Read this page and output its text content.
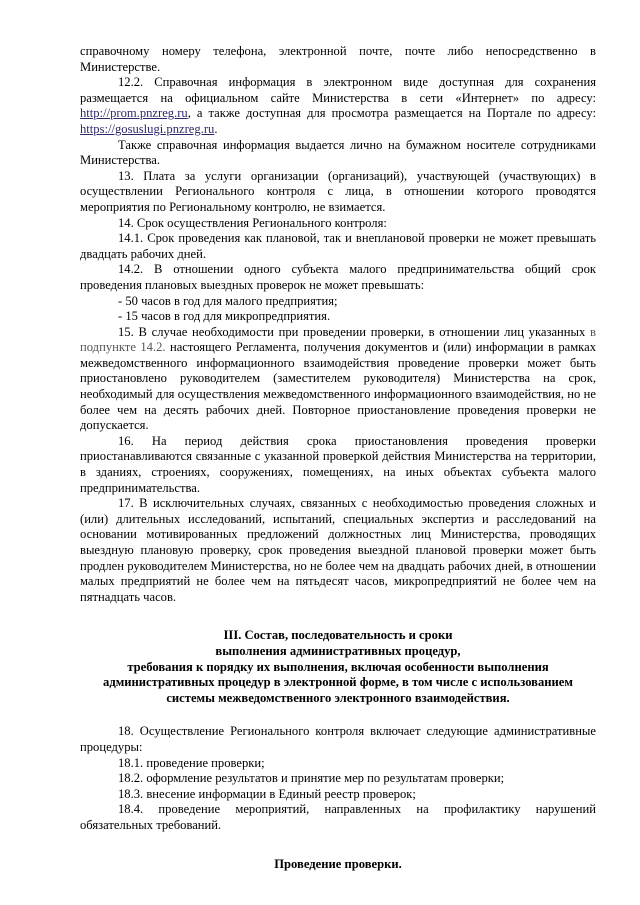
справочному номеру телефона, электронной почте, почте либо непосредственно в Министерстве.

12.2. Справочная информация в электронном виде доступная для сохранения размещается на официальном сайте Министерства в сети «Интернет» по адресу: http://prom.pnzreg.ru, а также доступная для просмотра размещается на Портале по адресу: https://gosuslugi.pnzreg.ru.

Также справочная информация выдается лично на бумажном носителе сотрудниками Министерства.

13. Плата за услуги организации (организаций), участвующей (участвующих) в осуществлении Регионального контроля с лица, в отношении которого проводятся мероприятия по Региональному контролю, не взимается.

14. Срок осуществления Регионального контроля:

14.1. Срок проведения как плановой, так и внеплановой проверки не может превышать двадцать рабочих дней.

14.2. В отношении одного субъекта малого предпринимательства общий срок проведения плановых выездных проверок не может превышать:

- 50 часов в год для малого предприятия;

- 15 часов в год для микропредприятия.

15. В случае необходимости при проведении проверки, в отношении лиц указанных в подпункте 14.2. настоящего Регламента, получения документов и (или) информации в рамках межведомственного информационного взаимодействия проведение проверки может быть приостановлено руководителем (заместителем руководителя) Министерства на срок, необходимый для осуществления межведомственного информационного взаимодействия, но не более чем на десять рабочих дней. Повторное приостановление проведения проверки не допускается.

16. На период действия срока приостановления проведения проверки приостанавливаются связанные с указанной проверкой действия Министерства на территории, в зданиях, строениях, сооружениях, помещениях, на иных объектах субъекта малого предпринимательства.

17. В исключительных случаях, связанных с необходимостью проведения сложных и (или) длительных исследований, испытаний, специальных экспертиз и расследований на основании мотивированных предложений должностных лиц Министерства, проводящих выездную плановую проверку, срок проведения выездной плановой проверки может быть продлен руководителем Министерства, но не более чем на двадцать рабочих дней, в отношении малых предприятий не более чем на пятьдесят часов, микропредприятий не более чем на пятнадцать часов.

III. Состав, последовательность и сроки

выполнения административных процедур,

требования к порядку их выполнения, включая особенности выполнения

административных процедур в электронной форме, в том числе с использованием

системы межведомственного электронного взаимодействия.

18. Осуществление Регионального контроля включает следующие административные процедуры:

18.1. проведение проверки;

18.2. оформление результатов и принятие мер по результатам проверки;

18.3. внесение информации в Единый реестр проверок;

18.4. проведение мероприятий, направленных на профилактику нарушений обязательных требований.

Проведение проверки.
